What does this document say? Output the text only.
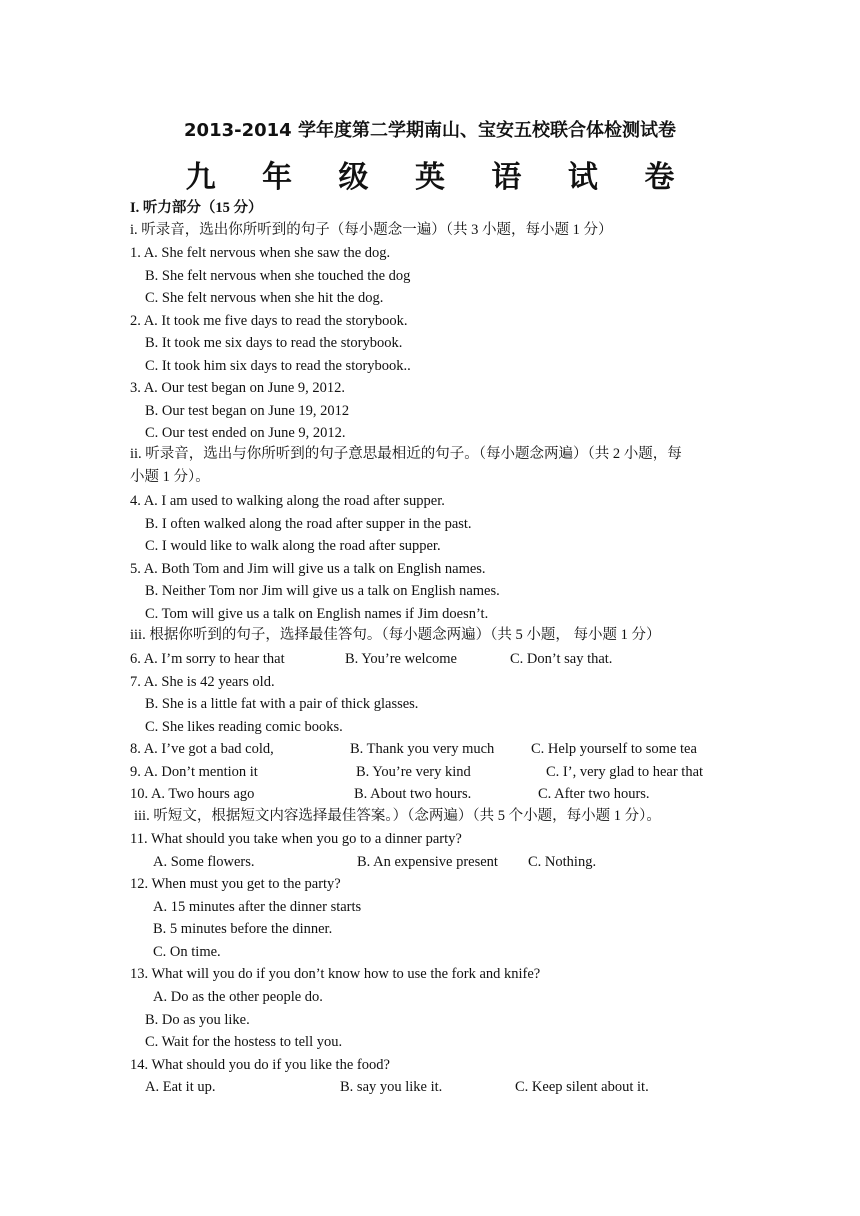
2013-2014 学年度第二学期南山、宝安五校联合体检测试卷
九 年 级 英 语 试 卷
I. 听力部分（15 分）
i. 听录音，选出你所听到的句子（每小题念一遍）（共 3 小题，每小题 1 分）
1. A. She felt nervous when she saw the dog.
B. She felt nervous when she touched the dog
C. She felt nervous when she hit the dog.
2. A. It took me five days to read the storybook.
B. It took me six days to read the storybook.
C. It took him six days to read the storybook..
3. A. Our test began on June 9, 2012.
B. Our test began on June 19, 2012
C. Our test ended on June 9, 2012.
ii. 听录音，选出与你所听到的句子意思最相近的句子。（每小题念两遍）（共 2 小题，每
小题 1 分）。
4. A. I am used to walking along the road after supper.
B. I often walked along the road after supper in the past.
C. I would like to walk along the road after supper.
5. A. Both Tom and Jim will give us a talk on English names.
B. Neither Tom nor Jim will give us a talk on English names.
C. Tom will give us a talk on English names if Jim doesn’t.
iii. 根据你听到的句子，选择最佳答句。（每小题念两遍）（共 5 小题， 每小题 1 分）
6. A. I’m sorry to hear that	B. You’re welcome	C. Don’t say that.
7. A. She is 42 years old.
B. She is a little fat with a pair of thick glasses.
C. She likes reading comic books.
8. A. I’ve got a bad cold,	B. Thank you very much	C. Help yourself to some tea
9. A. Don’t mention it	B. You’re very kind	C. I’, very glad to hear that
10. A. Two hours ago	B. About two hours.	C. After two hours.
iii. 听短文，根据短文内容选择最佳答案。）（念两遍）（共 5 个小题，每小题 1 分）。
11. What should you take when you go to a dinner party?
A. Some flowers.	B. An expensive present C. Nothing.
12. When must you get to the party?
A. 15 minutes after the dinner starts
B. 5 minutes before the dinner.
C. On time.
13. What will you do if you don’t know how to use the fork and knife?
A. Do as the other people do.
B. Do as you like.
C. Wait for the hostess to tell you.
14. What should you do if you like the food?
A. Eat it up.	B. say you like it.	C. Keep silent about it.
